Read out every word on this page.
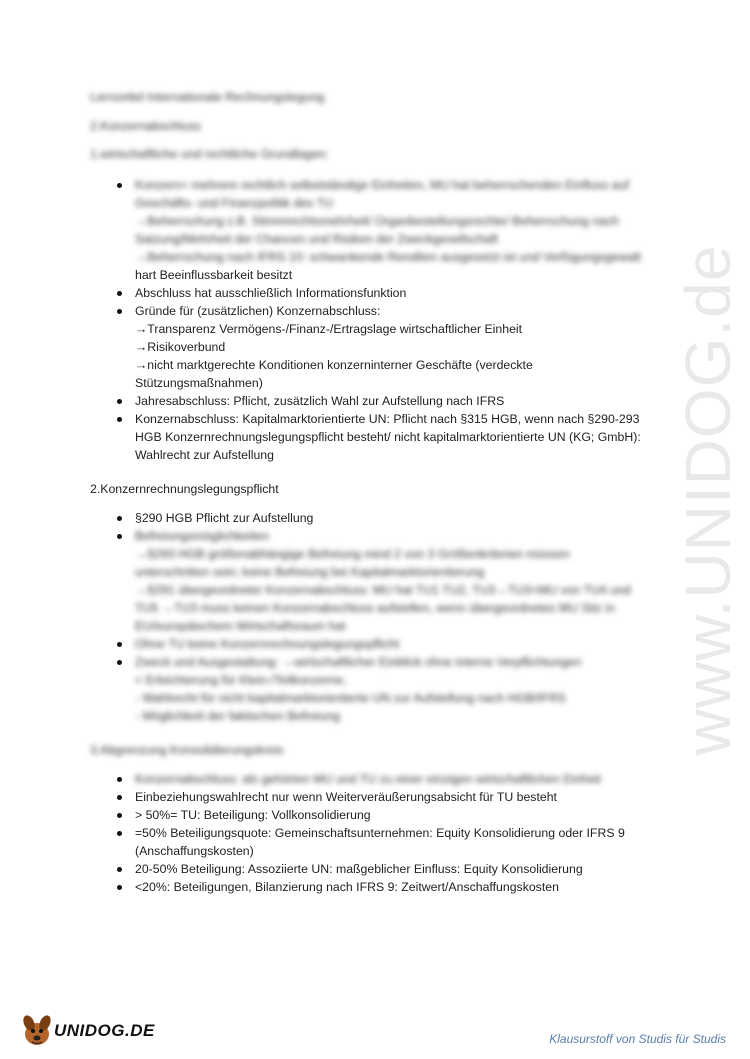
www.UNIDOG.de
Lernzettel Internationale Rechnungslegung
2.Konzernabschluss
1.wirtschaftliche und rechtliche Grundlagen:
Konzern= mehrere rechtlich selbstständige Einheiten, MU hat beherrschenden Einfluss auf
Geschäfts- und Finanzpolitik des TU
→Beherrschung z.B. Stimmrechtsmehrheit/ Organbestellungsrechte/ Beherrschung nach
Satzung/Mehrheit der Chancen und Risiken der Zweckgesellschaft
→Beherrschung nach IFRS 10: schwankende Renditen ausgesetzt ist und Verfügungsgewalt
hart Beeinflussbarkeit besitzt
Abschluss hat ausschließlich Informationsfunktion
Gründe für (zusätzlichen) Konzernabschluss:
→Transparenz Vermögens-/Finanz-/Ertragslage wirtschaftlicher Einheit
→Risikoverbund
→nicht marktgerechte Konditionen konzerninterner Geschäfte (verdeckte
Stützungsmaßnahmen)
Jahresabschluss: Pflicht, zusätzlich Wahl zur Aufstellung nach IFRS
Konzernabschluss: Kapitalmarktorientierte UN: Pflicht nach §315 HGB, wenn nach §290-293
HGB Konzernrechnungslegungspflicht besteht/ nicht kapitalmarktorientierte UN (KG; GmbH):
Wahlrecht zur Aufstellung
2.Konzernrechnungslegungspflicht
§290 HGB Pflicht zur Aufstellung
Befreiungsmöglichkeiten
→§293 HGB größenabhängige Befreiung mind 2 von 3 Größenkriterien müssen
unterschritten sein; keine Befreiung bei Kapitalmarktorientierung
→§291 übergeordneter Konzernabschluss: MU hat TU1 TU2, TU3→TU3=MU von TU4 und
TU5 →TU3 muss keinen Konzernabschluss aufstellen, wenn übergeordnetes MU Sitz in
EU/europäischem Wirtschaftsraum hat
Ohne TU keine Konzernrechnungslegungspflicht
Zweck und Ausgestaltung: →wirtschaftlicher Einblick ohne interne Verpflichtungen
= Erleichterung für Klein-/Teilkonzerne,
- Wahlrecht für nicht kapitalmarktorientierte UN zur Aufstellung nach HGB/IFRS
- Möglichkeit der faktischen Befreiung
3.Abgrenzung Konsolidierungskreis
Konzernabschluss: als gehörten MU und TU zu einer einzigen wirtschaftlichen Einheit
Einbeziehungswahlrecht nur wenn Weiterveräußerungsabsicht für TU besteht
> 50%= TU: Beteiligung: Vollkonsolidierung
=50% Beteiligungsquote: Gemeinschaftsunternehmen: Equity Konsolidierung oder IFRS 9
(Anschaffungskosten)
20-50% Beteiligung: Assoziierte UN: maßgeblicher Einfluss: Equity Konsolidierung
<20%: Beteiligungen, Bilanzierung nach IFRS 9: Zeitwert/Anschaffungskosten
UNIDOG.DE	Klausurstoff von Studis für Studis
